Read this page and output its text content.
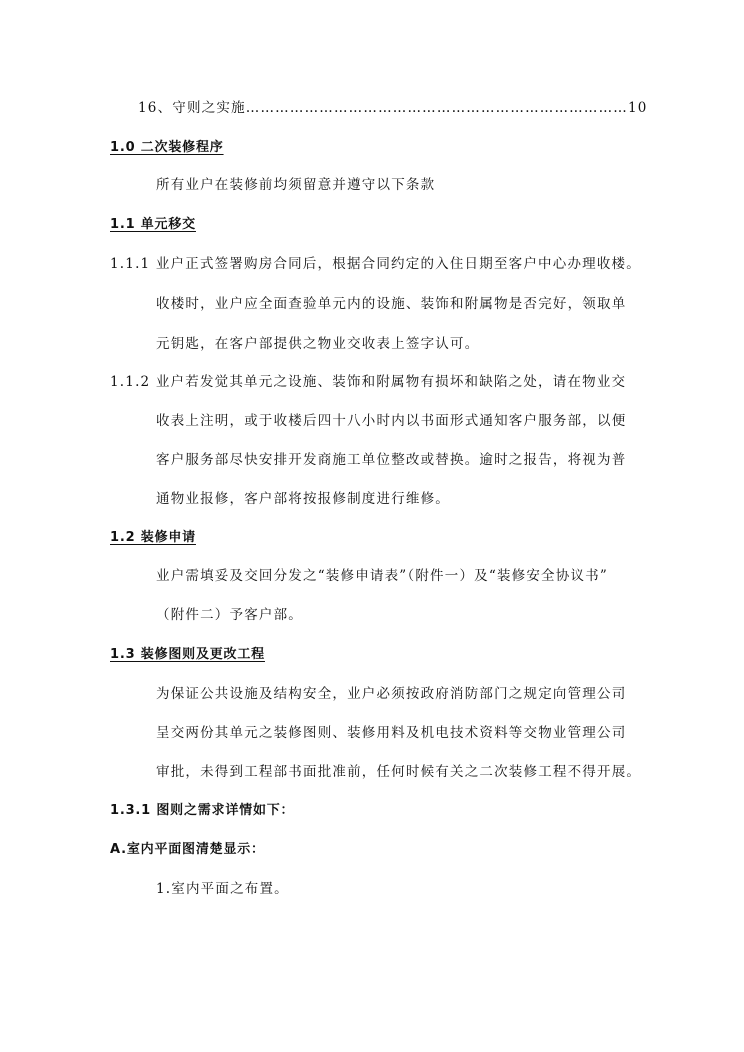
16、守则之实施……………………………………………………………………10
1.0 二次装修程序
所有业户在装修前均须留意并遵守以下条款
1.1 单元移交
1.1.1 业户正式签署购房合同后，根据合同约定的入住日期至客户中心办理收楼。
收楼时，业户应全面查验单元内的设施、装饰和附属物是否完好，领取单
元钥匙，在客户部提供之物业交收表上签字认可。
1.1.2 业户若发觉其单元之设施、装饰和附属物有损坏和缺陷之处，请在物业交
收表上注明，或于收楼后四十八小时内以书面形式通知客户服务部，以便
客户服务部尽快安排开发商施工单位整改或替换。逾时之报告，将视为普
通物业报修，客户部将按报修制度进行维修。
1.2 装修申请
业户需填妥及交回分发之“装修申请表”（附件一）及“装修安全协议书”
（附件二）予客户部。
1.3 装修图则及更改工程
为保证公共设施及结构安全，业户必须按政府消防部门之规定向管理公司
呈交两份其单元之装修图则、装修用料及机电技术资料等交物业管理公司
审批，未得到工程部书面批准前，任何时候有关之二次装修工程不得开展。
1.3.1 图则之需求详情如下：
A.室内平面图清楚显示：
1.室内平面之布置。
